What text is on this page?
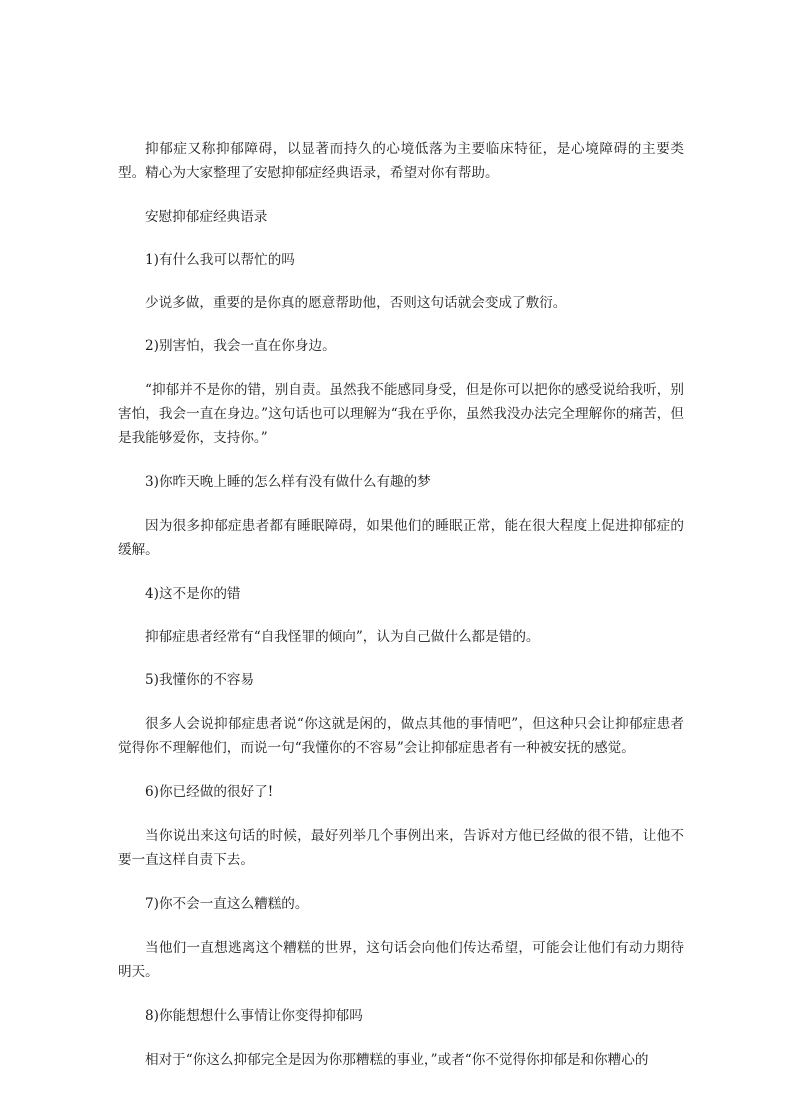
抑郁症又称抑郁障碍，以显著而持久的心境低落为主要临床特征，是心境障碍的主要类型。精心为大家整理了安慰抑郁症经典语录，希望对你有帮助。

安慰抑郁症经典语录

1)有什么我可以帮忙的吗

少说多做，重要的是你真的愿意帮助他，否则这句话就会变成了敷衍。

2)别害怕，我会一直在你身边。

“抑郁并不是你的错，别自责。虽然我不能感同身受，但是你可以把你的感受说给我听，别害怕，我会一直在身边。”这句话也可以理解为“我在乎你，虽然我没办法完全理解你的痛苦，但是我能够爱你，支持你。”

3)你昨天晚上睡的怎么样有没有做什么有趣的梦

因为很多抑郁症患者都有睡眠障碍，如果他们的睡眠正常，能在很大程度上促进抑郁症的缓解。

4)这不是你的错

抑郁症患者经常有“自我怪罪的倾向”，认为自己做什么都是错的。

5)我懂你的不容易

很多人会说抑郁症患者说“你这就是闲的，做点其他的事情吧”，但这种只会让抑郁症患者觉得你不理解他们，而说一句“我懂你的不容易”会让抑郁症患者有一种被安抚的感觉。

6)你已经做的很好了!

当你说出来这句话的时候，最好列举几个事例出来，告诉对方他已经做的很不错，让他不要一直这样自责下去。

7)你不会一直这么糟糕的。

当他们一直想逃离这个糟糕的世界，这句话会向他们传达希望，可能会让他们有动力期待明天。

8)你能想想什么事情让你变得抑郁吗

相对于“你这么抑郁完全是因为你那糟糕的事业，”或者“你不觉得你抑郁是和你糟心的
